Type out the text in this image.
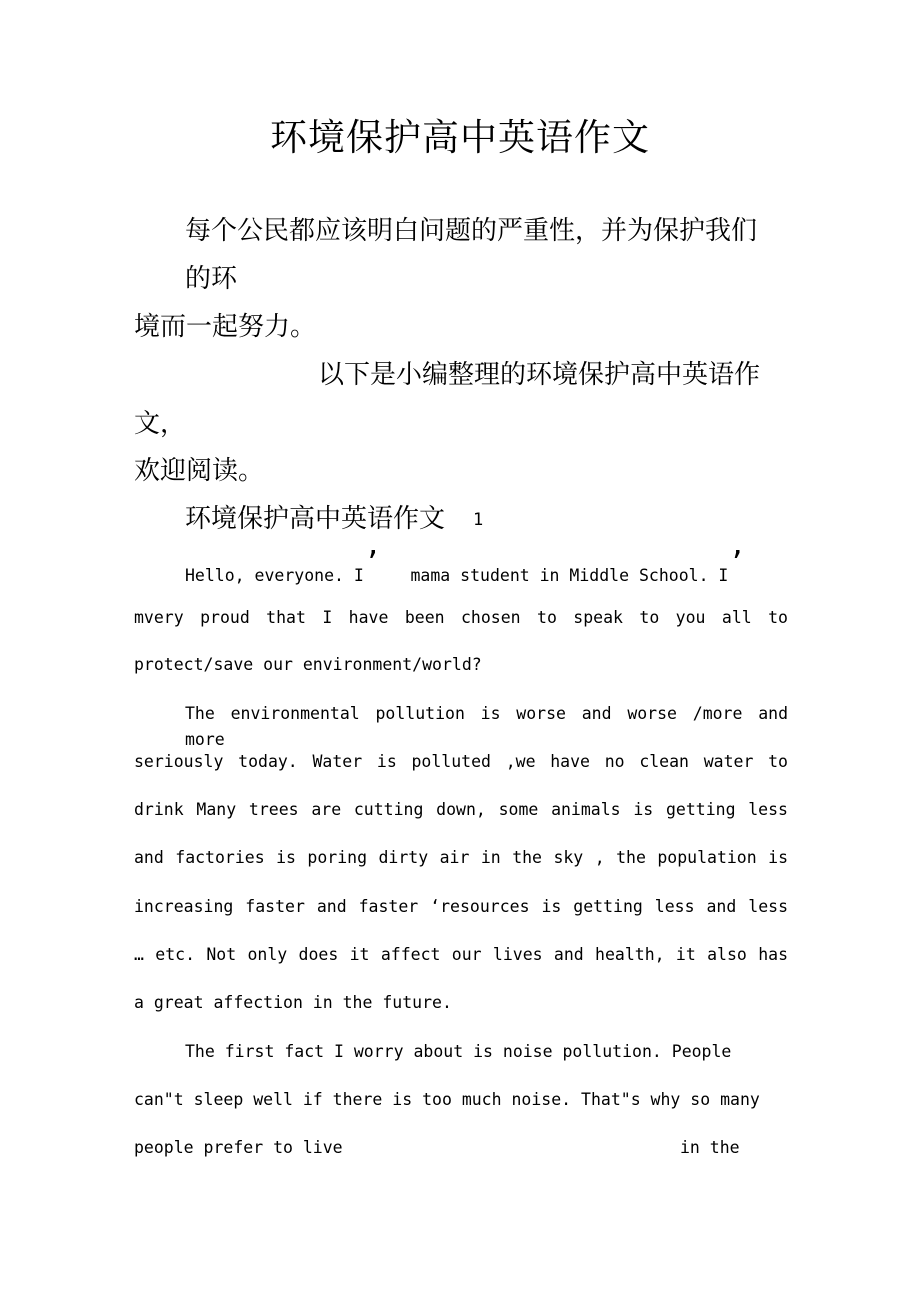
环境保护高中英语作文
每个公民都应该明白问题的严重性，并为保护我们
的环
境而一起努力。
以下是小编整理的环境保护高中英语作
文，
欢迎阅读。
环境保护高中英语作文 1
Hello, everyone. I’ mama student in Middle School. I’
mvery proud that I have been chosen to speak to you all to
protect/save our environment/world?
The environmental pollution is worse and worse /more and more
seriously today. Water is polluted ,we have no clean water to
drink Many trees are cutting down, some animals is getting less
and factories is poring dirty air in the sky , the population is
increasing faster and faster ‘resources is getting less and less
… etc. Not only does it affect our lives and health, it also has
a great affection in the future.
The first fact I worry about is noise pollution. People
can"t sleep well if there is too much noise. That"s why so many
people prefer to live	in the
